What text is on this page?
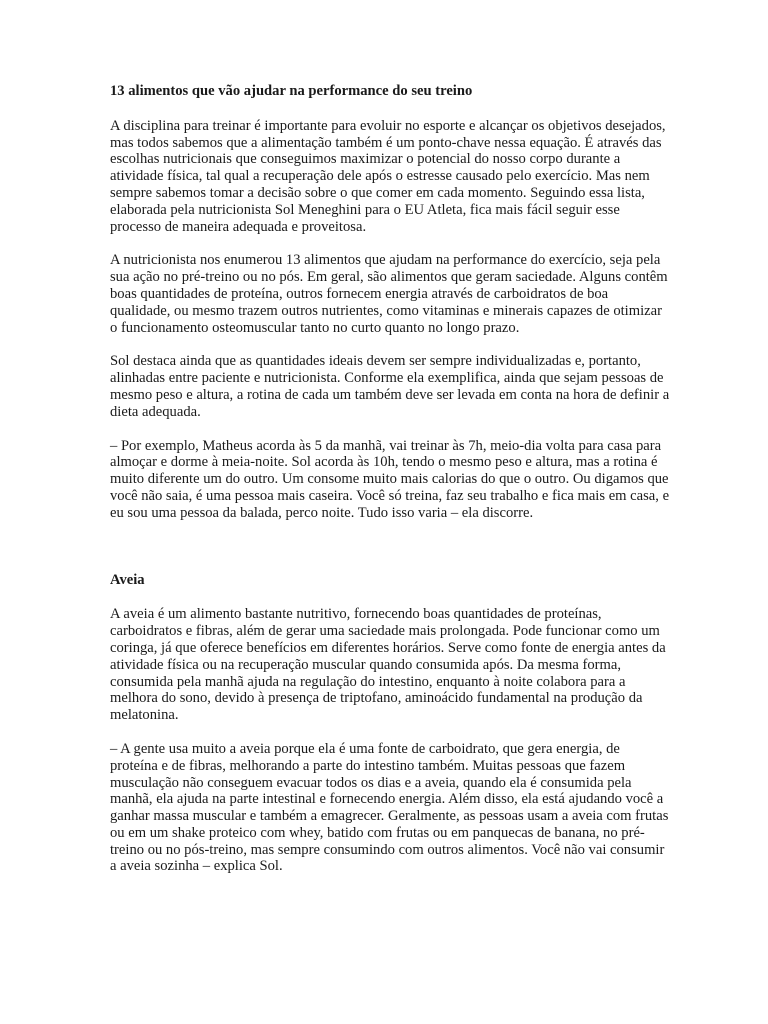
13 alimentos que vão ajudar na performance do seu treino

A disciplina para treinar é importante para evoluir no esporte e alcançar os objetivos desejados, mas todos sabemos que a alimentação também é um ponto-chave nessa equação. É através das escolhas nutricionais que conseguimos maximizar o potencial do nosso corpo durante a atividade física, tal qual a recuperação dele após o estresse causado pelo exercício. Mas nem sempre sabemos tomar a decisão sobre o que comer em cada momento. Seguindo essa lista, elaborada pela nutricionista Sol Meneghini para o EU Atleta, fica mais fácil seguir esse processo de maneira adequada e proveitosa.

A nutricionista nos enumerou 13 alimentos que ajudam na performance do exercício, seja pela sua ação no pré-treino ou no pós. Em geral, são alimentos que geram saciedade. Alguns contêm boas quantidades de proteína, outros fornecem energia através de carboidratos de boa qualidade, ou mesmo trazem outros nutrientes, como vitaminas e minerais capazes de otimizar o funcionamento osteomuscular tanto no curto quanto no longo prazo.

Sol destaca ainda que as quantidades ideais devem ser sempre individualizadas e, portanto, alinhadas entre paciente e nutricionista. Conforme ela exemplifica, ainda que sejam pessoas de mesmo peso e altura, a rotina de cada um também deve ser levada em conta na hora de definir a dieta adequada.

– Por exemplo, Matheus acorda às 5 da manhã, vai treinar às 7h, meio-dia volta para casa para almoçar e dorme à meia-noite. Sol acorda às 10h, tendo o mesmo peso e altura, mas a rotina é muito diferente um do outro. Um consome muito mais calorias do que o outro. Ou digamos que você não saia, é uma pessoa mais caseira. Você só treina, faz seu trabalho e fica mais em casa, e eu sou uma pessoa da balada, perco noite. Tudo isso varia – ela discorre.

Aveia

A aveia é um alimento bastante nutritivo, fornecendo boas quantidades de proteínas, carboidratos e fibras, além de gerar uma saciedade mais prolongada. Pode funcionar como um coringa, já que oferece benefícios em diferentes horários. Serve como fonte de energia antes da atividade física ou na recuperação muscular quando consumida após. Da mesma forma, consumida pela manhã ajuda na regulação do intestino, enquanto à noite colabora para a melhora do sono, devido à presença de triptofano, aminoácido fundamental na produção da melatonina.

– A gente usa muito a aveia porque ela é uma fonte de carboidrato, que gera energia, de proteína e de fibras, melhorando a parte do intestino também. Muitas pessoas que fazem musculação não conseguem evacuar todos os dias e a aveia, quando ela é consumida pela manhã, ela ajuda na parte intestinal e fornecendo energia. Além disso, ela está ajudando você a ganhar massa muscular e também a emagrecer. Geralmente, as pessoas usam a aveia com frutas ou em um shake proteico com whey, batido com frutas ou em panquecas de banana, no pré-treino ou no pós-treino, mas sempre consumindo com outros alimentos. Você não vai consumir a aveia sozinha – explica Sol.
